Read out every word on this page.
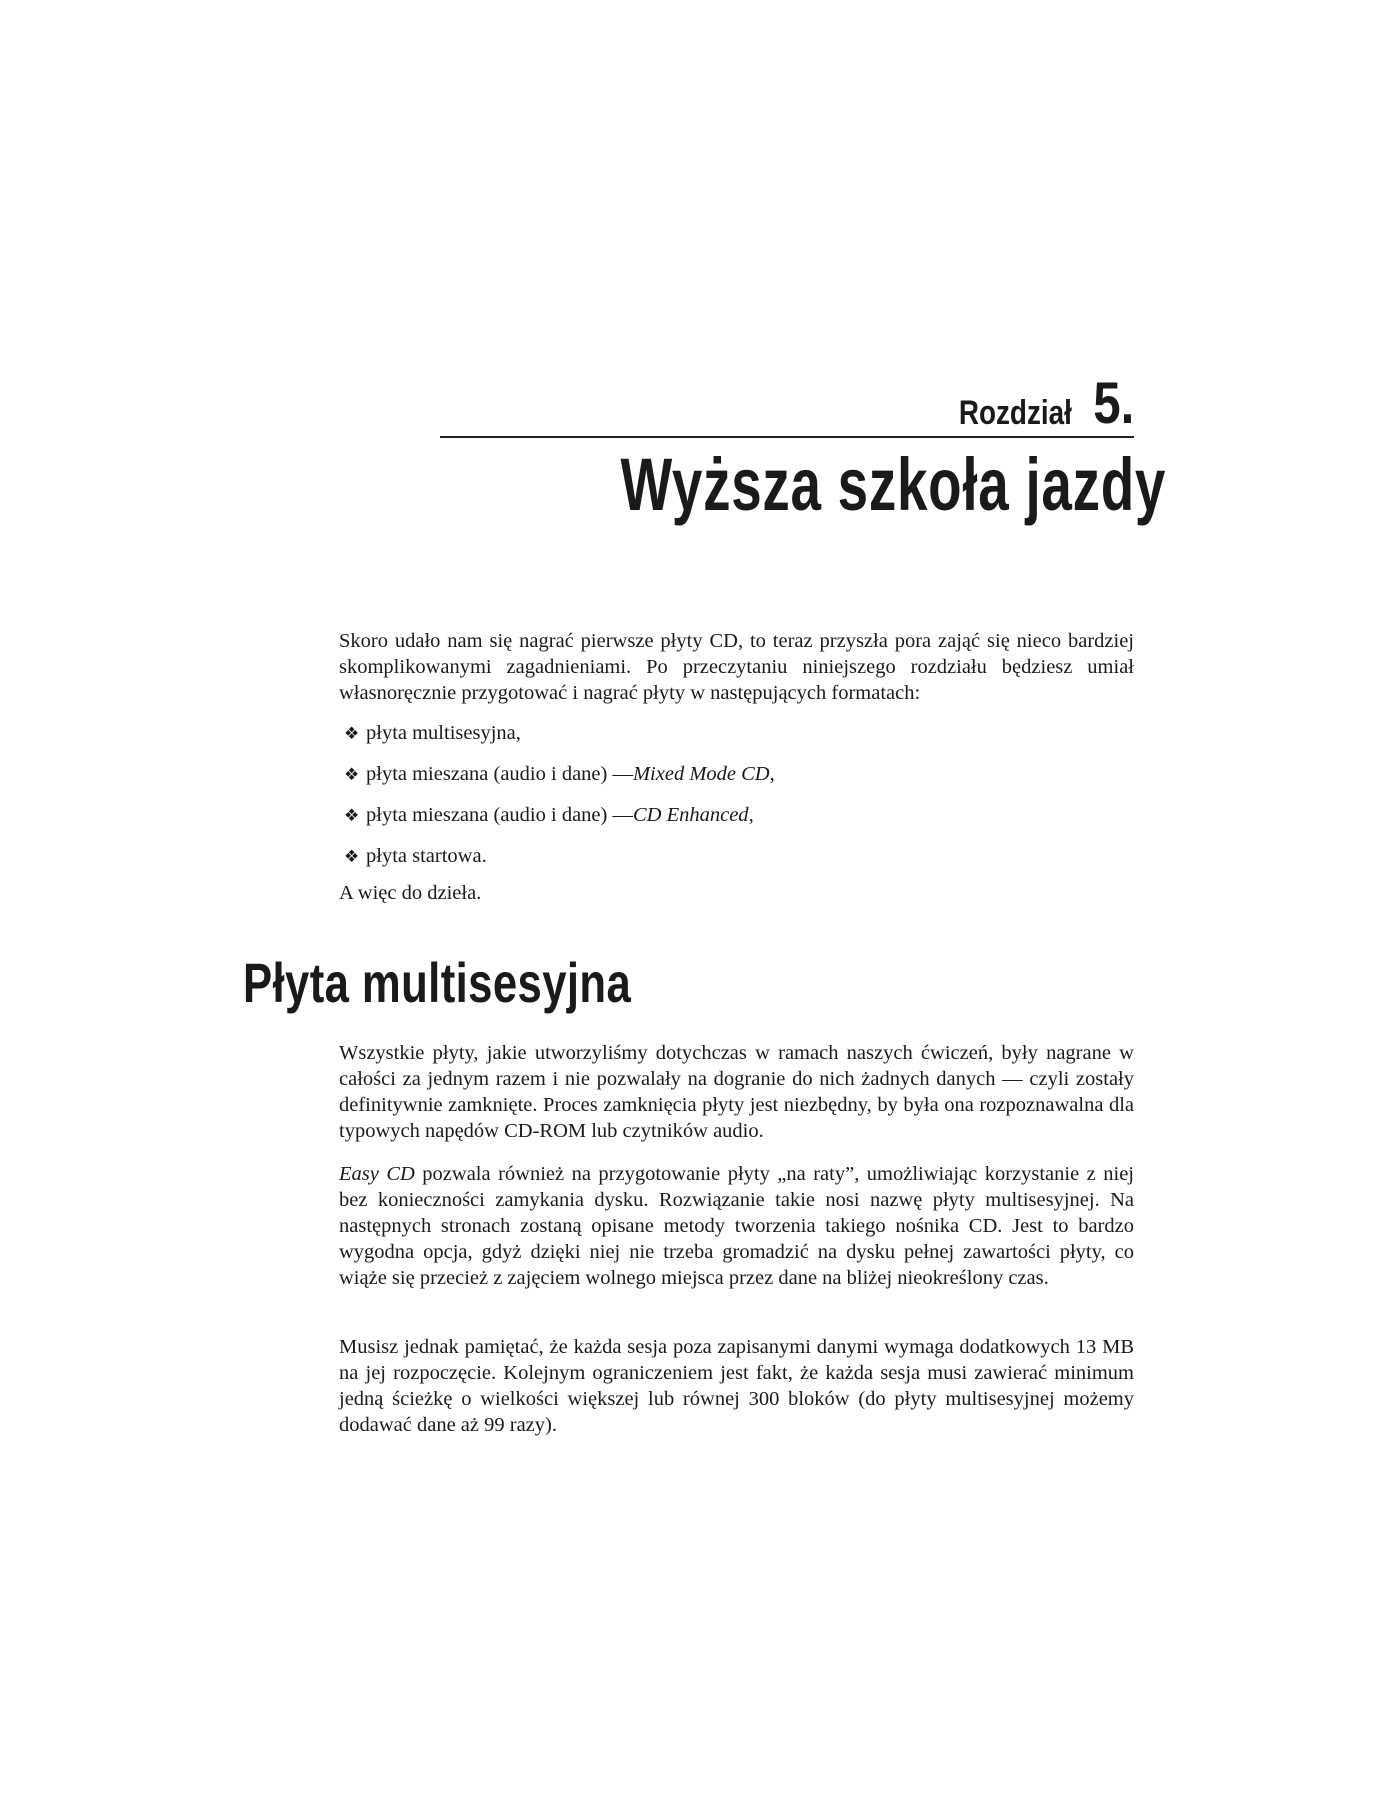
Rozdział 5.
Wyższa szkoła jazdy

Skoro udało nam się nagrać pierwsze płyty CD, to teraz przyszła pora zająć się nieco bardziej skomplikowanymi zagadnieniami. Po przeczytaniu niniejszego rozdziału będziesz umiał własnoręcznie przygotować i nagrać płyty w następujących formatach:

❖ płyta multisesyjna,
❖ płyta mieszana (audio i dane) — Mixed Mode CD ,
❖ płyta mieszana (audio i dane) — CD Enhanced ,
❖ płyta startowa.

A więc do dzieła.

Płyta multisesyjna

Wszystkie płyty, jakie utworzyliśmy dotychczas w ramach naszych ćwiczeń, były nagrane w całości za jednym razem i nie pozwalały na dogranie do nich żadnych danych — czyli zostały definitywnie zamknięte. Proces zamknięcia płyty jest niezbędny, by była ona rozpoznawalna dla typowych napędów CD-ROM lub czytników audio.

Easy CD pozwala również na przygotowanie płyty „na raty”, umożliwiając korzystanie z niej bez konieczności zamykania dysku. Rozwiązanie takie nosi nazwę płyty multisesyjnej. Na następnych stronach zostaną opisane metody tworzenia takiego nośnika CD. Jest to bardzo wygodna opcja, gdyż dzięki niej nie trzeba gromadzić na dysku pełnej zawartości płyty, co wiąże się przecież z zajęciem wolnego miejsca przez dane na bliżej nieokreślony czas.

Musisz jednak pamiętać, że każda sesja poza zapisanymi danymi wymaga dodatkowych 13 MB na jej rozpoczęcie. Kolejnym ograniczeniem jest fakt, że każda sesja musi zawierać minimum jedną ścieżkę o wielkości większej lub równej 300 bloków (do płyty multisesyjnej możemy dodawać dane aż 99 razy).
